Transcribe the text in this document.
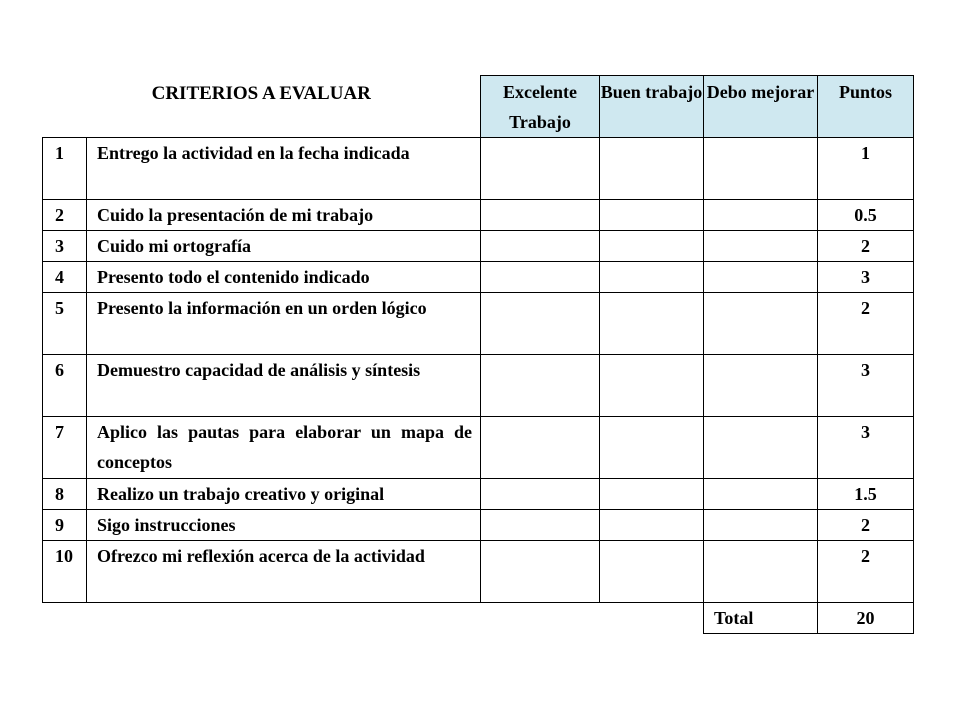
CRITERIOS A EVALUAR		Excelente Trabajo	Buen trabajo	Debo mejorar	Puntos
1	Entrego la actividad en la fecha indicada				1
2	Cuido la presentación de mi trabajo				0.5
3	Cuido mi ortografía				2
4	Presento todo el contenido indicado				3
5	Presento la información en un orden lógico				2
6	Demuestro capacidad de análisis y síntesis				3
7	Aplico las pautas para elaborar un mapa de conceptos				3
8	Realizo un trabajo creativo y original				1.5
9	Sigo instrucciones				2
10	Ofrezco mi reflexión acerca de la actividad				2
				Total	20
